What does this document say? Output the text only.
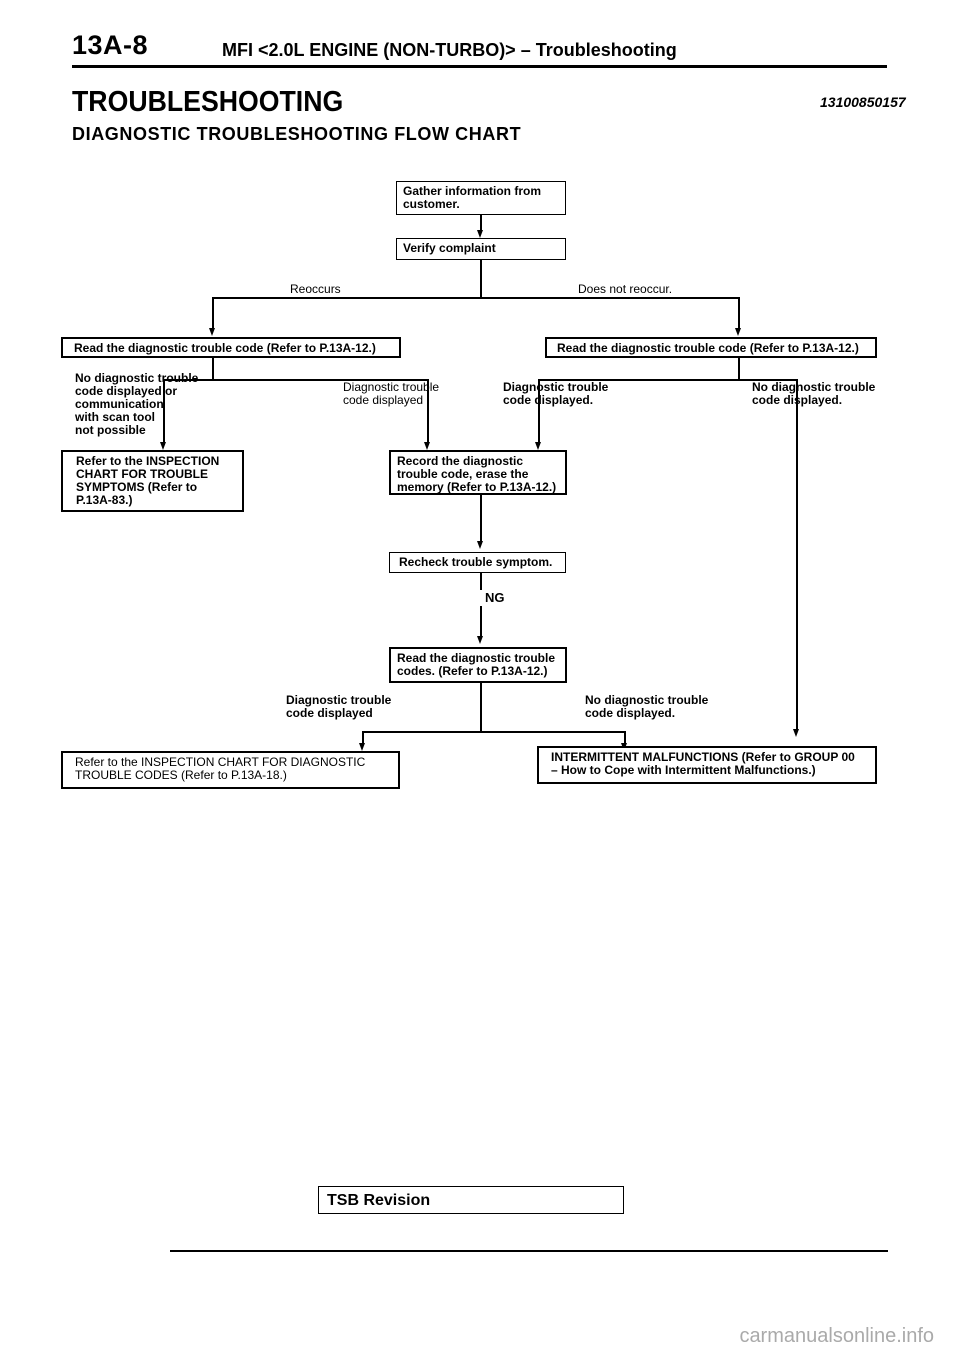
13A-8	MFI <2.0L ENGINE (NON-TURBO)> – Troubleshooting
TROUBLESHOOTING	13100850157
DIAGNOSTIC TROUBLESHOOTING FLOW CHART
Gather information from
customer.
Verify complaint
Reoccurs	Does not reoccur.
Read the diagnostic trouble code (Refer to P.13A-12.)	Read the diagnostic trouble code (Refer to P.13A-12.)
No diagnostic trouble
code displayed or
communication
with scan tool
not possible
Diagnostic trouble
code displayed
Diagnostic trouble
code displayed.
No diagnostic trouble
code displayed.
Refer to the INSPECTION
CHART FOR TROUBLE
SYMPTOMS (Refer to
P.13A-83.)
Record the diagnostic
trouble code, erase the
memory (Refer to P.13A-12.)
Recheck trouble symptom.
NG
Read the diagnostic trouble
codes. (Refer to P.13A-12.)
Diagnostic trouble
code displayed
No diagnostic trouble
code displayed.
Refer to the INSPECTION CHART FOR DIAGNOSTIC
TROUBLE CODES (Refer to P.13A-18.)
INTERMITTENT MALFUNCTIONS (Refer to GROUP 00
– How to Cope with Intermittent Malfunctions.)
TSB Revision
carmanualsonline.info
